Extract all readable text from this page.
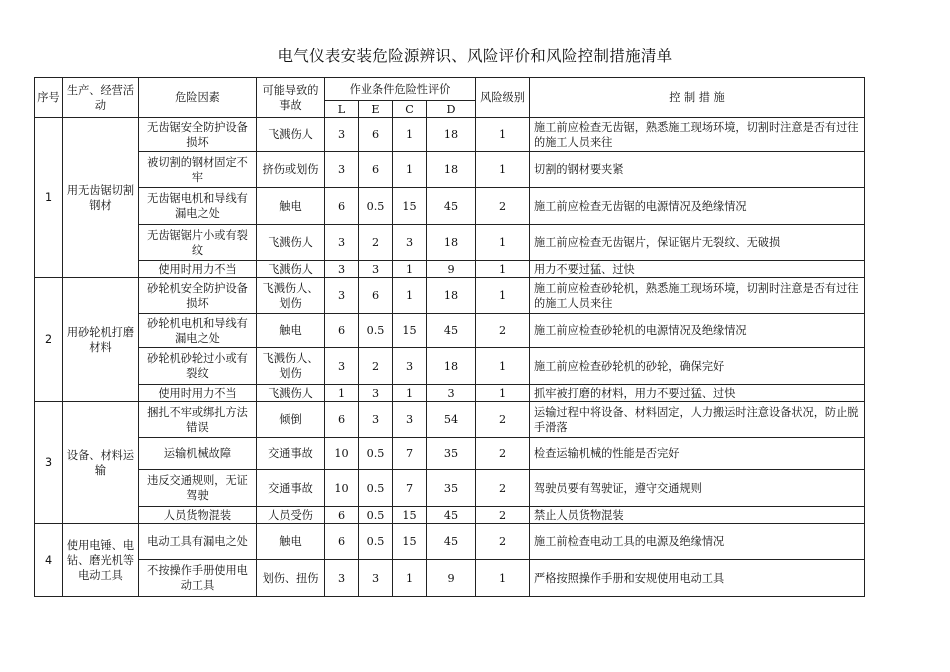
电气仪表安装危险源辨识、风险评价和风险控制措施清单
序号	生产、经营活动	危险因素	可能导致的事故	作业条件危险性评价				风险级别	控 制 措 施
				L	E	C	D		
1	用无齿锯切割钢材	无齿锯安全防护设备损坏	飞溅伤人	3	6	1	18	1	施工前应检查无齿锯，熟悉施工现场环境，切割时注意是否有过往的施工人员来往
		被切割的钢材固定不牢	挤伤或划伤	3	6	1	18	1	切割的钢材要夹紧
		无齿锯电机和导线有漏电之处	触电	6	0.5	15	45	2	施工前应检查无齿锯的电源情况及绝缘情况
		无齿锯锯片小或有裂纹	飞溅伤人	3	2	3	18	1	施工前应检查无齿锯片，保证锯片无裂纹、无破损
		使用时用力不当	飞溅伤人	3	3	1	9	1	用力不要过猛、过快
2	用砂轮机打磨材料	砂轮机安全防护设备损坏	飞溅伤人、划伤	3	6	1	18	1	施工前应检查砂轮机，熟悉施工现场环境，切割时注意是否有过往的施工人员来往
		砂轮机电机和导线有漏电之处	触电	6	0.5	15	45	2	施工前应检查砂轮机的电源情况及绝缘情况
		砂轮机砂轮过小或有裂纹	飞溅伤人、划伤	3	2	3	18	1	施工前应检查砂轮机的砂轮，确保完好
		使用时用力不当	飞溅伤人	1	3	1	3	1	抓牢被打磨的材料，用力不要过猛、过快
3	设备、材料运输	捆扎不牢或绑扎方法错误	倾倒	6	3	3	54	2	运输过程中将设备、材料固定，人力搬运时注意设备状况，防止脱手滑落
		运输机械故障	交通事故	10	0.5	7	35	2	检查运输机械的性能是否完好
		违反交通规则，无证驾驶	交通事故	10	0.5	7	35	2	驾驶员要有驾驶证，遵守交通规则
		人员货物混装	人员受伤	6	0.5	15	45	2	禁止人员货物混装
4	使用电锤、电钻、磨光机等电动工具	电动工具有漏电之处	触电	6	0.5	15	45	2	施工前检查电动工具的电源及绝缘情况
		不按操作手册使用电动工具	划伤、扭伤	3	3	1	9	1	严格按照操作手册和安规使用电动工具
